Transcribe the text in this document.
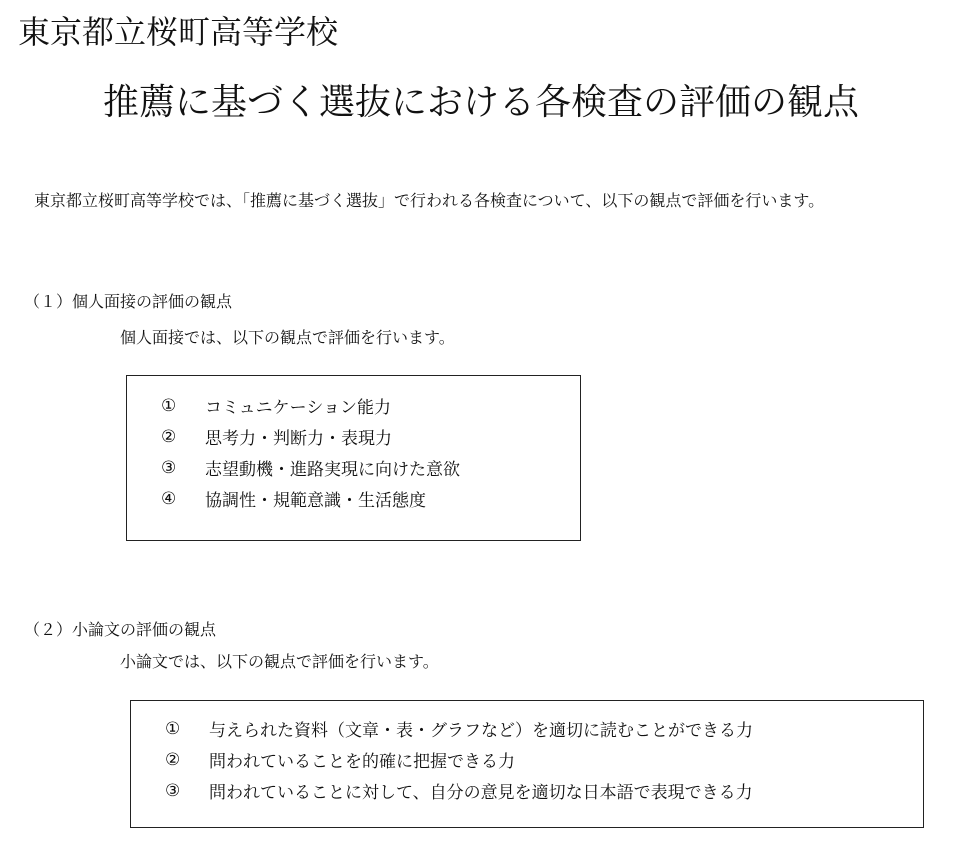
東京都立桜町高等学校
推薦に基づく選抜における各検査の評価の観点

東京都立桜町高等学校では、「推薦に基づく選抜」で行われる各検査について、以下の観点で評価を行います。

（１）個人面接の評価の観点
個人面接では、以下の観点で評価を行います。
①	コミュニケーション能力
②	思考力・判断力・表現力
③	志望動機・進路実現に向けた意欲
④	協調性・規範意識・生活態度
（２）小論文の評価の観点
小論文では、以下の観点で評価を行います。
①	与えられた資料（文章・表・グラフなど）を適切に読むことができる力
②	問われていることを的確に把握できる力
③	問われていることに対して、自分の意見を適切な日本語で表現できる力
